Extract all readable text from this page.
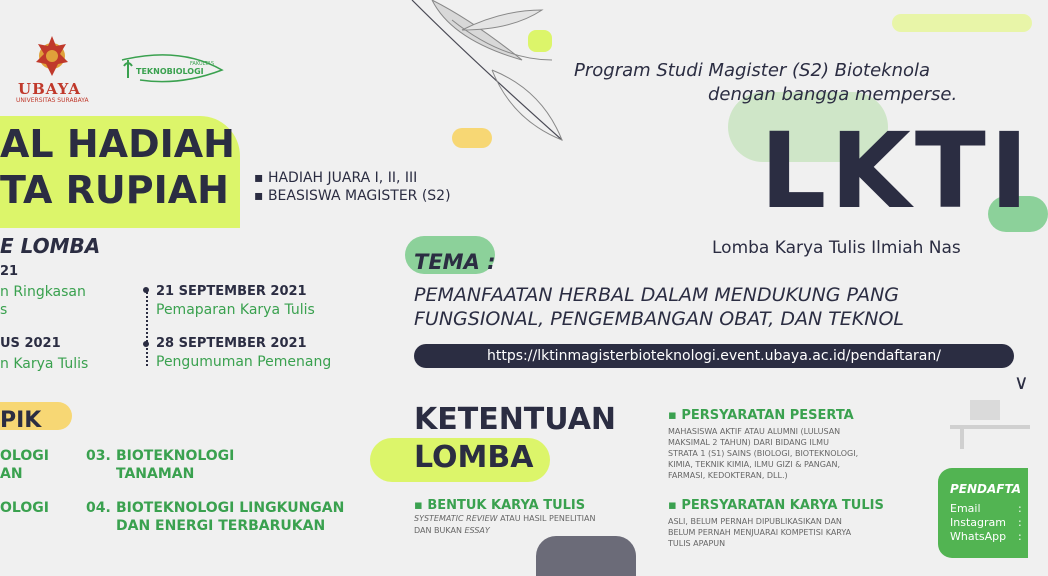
∨
UBAYA
UNIVERSITAS SURABAYA
FAKULTAS
TEKNOBIOLOGI	Program Studi Magister (S2) Bioteknola
dengan bangga memperse.
AL HADIAH
TA RUPIAH
▪	HADIAH JUARA I, II, III
▪ BEASISWA MAGISTER (S2)	LKTI
Lomba Karya Tulis Ilmiah Nas
E LOMBA
21
n Ringkasan
s
US 2021
n Karya Tulis
21 SEPTEMBER 2021
Pemaparan Karya Tulis
28 SEPTEMBER 2021
Pengumuman Pemenang
TEMA :
PEMANFAATAN HERBAL DALAM MENDUKUNG PANG
FUNGSIONAL, PENGEMBANGAN OBAT, DAN TEKNOL
https://lktinmagisterbioteknologi.event.ubaya.ac.id/pendaftaran/
PIK
OLOGI
AN
OLOGI
03. BIOTEKNOLOGI
TANAMAN
04. BIOTEKNOLOGI LINGKUNGAN
DAN ENERGI TERBARUKAN
KETENTUAN
LOMBA
▪ BENTUK KARYA TULIS
SYSTEMATIC REVIEW ATAU HASIL PENELITIAN
DAN BUKAN ESSAY
▪ PERSYARATAN PESERTA
MAHASISWA AKTIF ATAU ALUMNI (LULUSAN
MAKSIMAL 2 TAHUN) DARI BIDANG ILMU
STRATA 1 (S1) SAINS (BIOLOGI, BIOTEKNOLOGI,
KIMIA, TEKNIK KIMIA, ILMU GIZI & PANGAN,
FARMASI, KEDOKTERAN, DLL.)
▪ PERSYARATAN KARYA TULIS
ASLI, BELUM PERNAH DIPUBLIKASIKAN DAN
BELUM PERNAH MENJUARAI KOMPETISI KARYA
TULIS APAPUN
PENDAFTA
Email	:
Instagram :
WhatsApp :
